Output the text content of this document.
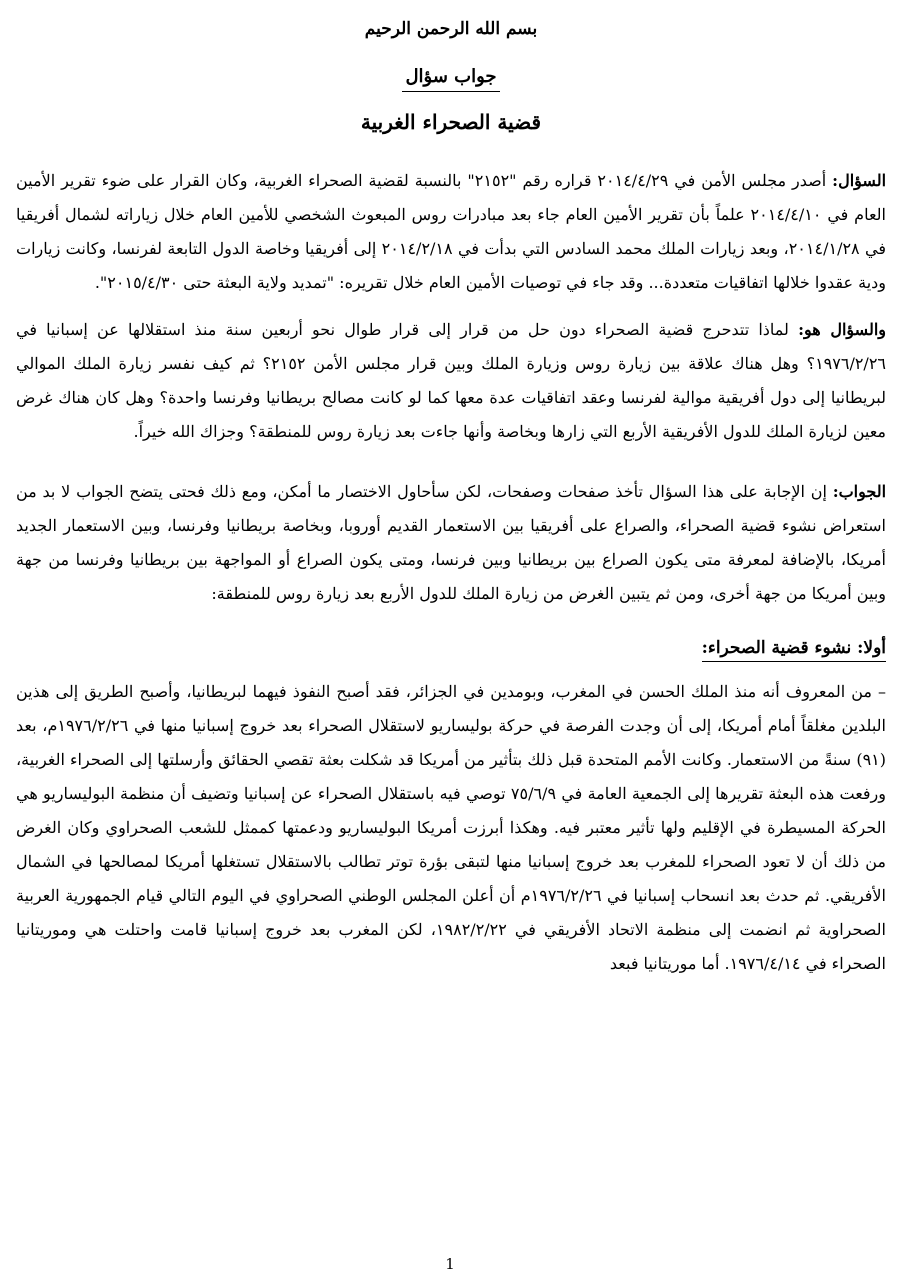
بسم الله الرحمن الرحيم
جواب سؤال
قضية الصحراء الغربية

السؤال: أصدر مجلس الأمن في ٢٠١٤/٤/٢٩ قراره رقم "٢١٥٢" بالنسبة لقضية الصحراء الغربية، وكان القرار على ضوء تقرير الأمين العام في ٢٠١٤/٤/١٠ علماً بأن تقرير الأمين العام جاء بعد مبادرات روس المبعوث الشخصي للأمين العام خلال زياراته لشمال أفريقيا في ٢٠١٤/١/٢٨، وبعد زيارات الملك محمد السادس التي بدأت في ٢٠١٤/٢/١٨ إلى أفريقيا وخاصة الدول التابعة لفرنسا، وكانت زيارات ودية عقدوا خلالها اتفاقيات متعددة... وقد جاء في توصيات الأمين العام خلال تقريره: "تمديد ولاية البعثة حتى ٢٠١٥/٤/٣٠".

والسؤال هو: لماذا تتدحرج قضية الصحراء دون حل من قرار إلى قرار طوال نحو أربعين سنة منذ استقلالها عن إسبانيا في ١٩٧٦/٢/٢٦؟ وهل هناك علاقة بين زيارة روس وزيارة الملك وبين قرار مجلس الأمن ٢١٥٢؟ ثم كيف نفسر زيارة الملك الموالي لبريطانيا إلى دول أفريقية موالية لفرنسا وعقد اتفاقيات عدة معها كما لو كانت مصالح بريطانيا وفرنسا واحدة؟ وهل كان هناك غرض معين لزيارة الملك للدول الأفريقية الأربع التي زارها وبخاصة وأنها جاءت بعد زيارة روس للمنطقة؟ وجزاك الله خيراً.

الجواب: إن الإجابة على هذا السؤال تأخذ صفحات وصفحات، لكن سأحاول الاختصار ما أمكن، ومع ذلك فحتى يتضح الجواب لا بد من استعراض نشوء قضية الصحراء، والصراع على أفريقيا بين الاستعمار القديم أوروبا، وبخاصة بريطانيا وفرنسا، وبين الاستعمار الجديد أمريكا، بالإضافة لمعرفة متى يكون الصراع بين بريطانيا وبين فرنسا، ومتى يكون الصراع أو المواجهة بين بريطانيا وفرنسا من جهة وبين أمريكا من جهة أخرى، ومن ثم يتبين الغرض من زيارة الملك للدول الأربع بعد زيارة روس للمنطقة:

أولا: نشوء قضية الصحراء:

– من المعروف أنه منذ الملك الحسن في المغرب، وبومدين في الجزائر، فقد أصبح النفوذ فيهما لبريطانيا، وأصبح الطريق إلى هذين البلدين مغلقاً أمام أمريكا، إلى أن وجدت الفرصة في حركة بوليساريو لاستقلال الصحراء بعد خروج إسبانيا منها في ١٩٧٦/٢/٢٦م، بعد (٩١) سنةً من الاستعمار. وكانت الأمم المتحدة قبل ذلك بتأثير من أمريكا قد شكلت بعثة تقصي الحقائق وأرسلتها إلى الصحراء الغربية، ورفعت هذه البعثة تقريرها إلى الجمعية العامة في ٧٥/٦/٩ توصي فيه باستقلال الصحراء عن إسبانيا وتضيف أن منظمة البوليساريو هي الحركة المسيطرة في الإقليم ولها تأثير معتبر فيه. وهكذا أبرزت أمريكا البوليساريو ودعمتها كممثل للشعب الصحراوي وكان الغرض من ذلك أن لا تعود الصحراء للمغرب بعد خروج إسبانيا منها لتبقى بؤرة توتر تطالب بالاستقلال تستغلها أمريكا لمصالحها في الشمال الأفريقي. ثم حدث بعد انسحاب إسبانيا في ١٩٧٦/٢/٢٦م أن أعلن المجلس الوطني الصحراوي في اليوم التالي قيام الجمهورية العربية الصحراوية ثم انضمت إلى منظمة الاتحاد الأفريقي في ١٩٨٢/٢/٢٢، لكن المغرب بعد خروج إسبانيا قامت واحتلت هي وموريتانيا الصحراء في ١٩٧٦/٤/١٤. أما موريتانيا فبعد

1
